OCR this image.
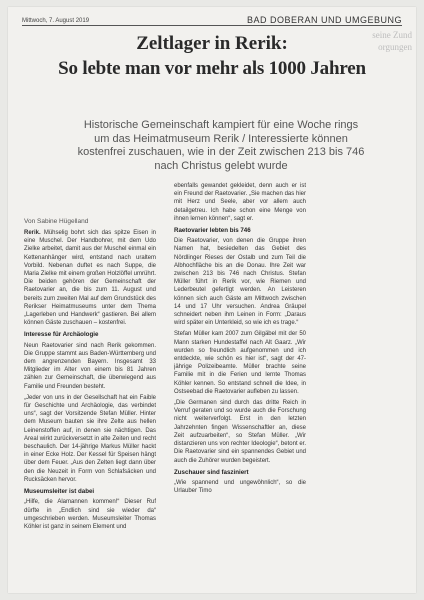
Mittwoch, 7. August 2019	BAD DOBERAN UND UMGEBUNG
seine Zund
orgungen
Zeltlager in Rerik:
So lebte man vor mehr als 1000 Jahren
Historische Gemeinschaft kampiert für eine Woche rings um das Heimatmuseum Rerik / Interessierte können kostenfrei zuschauen, wie in der Zeit zwischen 213 bis 746 nach Christus gelebt wurde
Von Sabine Hügelland

Rerik. Mühselig bohrt sich das spitze Eisen in eine Muschel. Der Handbohrer, mit dem Udo Zielke arbeitet, damit aus der Muschel einmal ein Kettenanhänger wird, entstand nach uraltem Vorbild. Nebenan duftet es nach Suppe, die Maria Zielke mit einem großen Holzlöffel umrührt. Die beiden gehören der Gemeinschaft der Raetovarier an, die bis zum 11. August und bereits zum zweiten Mal auf dem Grundstück des Rerikser Heimatmuseums unter dem Thema „Lagerleben und Handwerk“ gastieren. Bei allem können Gäste zuschauen – kostenfrei.

Interesse für Archäologie

Neun Raetovarier sind nach Rerik gekommen. Die Gruppe stammt aus Baden-Württemberg und dem angrenzenden Bayern. Insgesamt 33 Mitglieder im Alter von einem bis 81 Jahren zählen zur Gemeinschaft, die überwiegend aus Familie und Freunden besteht.

„Jeder von uns in der Gesellschaft hat ein Faible für Geschichte und Archäologie, das verbindet uns“, sagt der Vorsitzende Stefan Müller. Hinter dem Museum bauten sie ihre Zelte aus hellen Leinenstoffen auf, in denen sie nächtigen. Das Areal wirkt zurückversetzt in alte Zeiten und recht beschaulich. Der 14-jährige Markus Müller hackt in einer Ecke Holz. Der Kessel für Speisen hängt über dem Feuer. „Aus den Zelten liegt dann über den die Neuzeit in Form von Schlafsäcken und Rucksäcken hervor.

Museumsleiter ist dabei

„Hilfe, die Alamannen kommen!“ Dieser Ruf dürfte in „Endlich sind sie wieder da“ umgeschrieben werden. Museumsleiter Thomas Köhler ist ganz in seinem Element und

ebenfalls gewandet gekleidet, denn auch er ist ein Freund der Raetovarier. „Sie machen das hier mit Herz und Seele, aber vor allem auch detailgetreu. Ich habe schon eine Menge von ihnen lernen können“, sagt er.

Raetovarier lebten bis 746

Die Raetovarier, von denen die Gruppe ihren Namen hat, besiedelten das Gebiet des Nördlinger Rieses der Ostalb und zum Teil die Albhochfläche bis an die Donau. Ihre Zeit war zwischen 213 bis 746 nach Christus. Stefan Müller führt in Rerik vor, wie Riemen und Lederbeutel gefertigt werden. An Leisteren können sich auch Gäste am Mittwoch zwischen 14 und 17 Uhr versuchen. Andrea Gräupel schneidert neben ihm Leinen in Form: „Daraus wird später ein Unterkleid, so wie ich es trage.“

Stefan Müller kam 2007 zum Gilgäbel mit der 50 Mann starken Hundestaffel nach Alt Gaarz. „Wir wurden so freundlich aufgenommen und ich entdeckte, wie schön es hier ist“, sagt der 47-jährige Polizeibeamte. Müller brachte seine Familie mit in die Ferien und lernte Thomas Köhler kennen. So entstand schnell die Idee, in Ostseebad die Raetovarier aufleben zu lassen.

„Die Germanen sind durch das dritte Reich in Verruf geraten und so wurde auch die Forschung nicht weiterverfolgt. Erst in den letzten Jahrzehnten fingen Wissenschaftler an, diese Zeit aufzuarbeiten“, so Stefan Müller. „Wir distanzieren uns von rechter Ideologie“, betont er. Die Raetovarier sind ein spannendes Gebiet und auch die Zuhörer wurden begeistert.

Zuschauer sind fasziniert

„Wie spannend und ungewöhnlich“, so die Urlauber Timo
